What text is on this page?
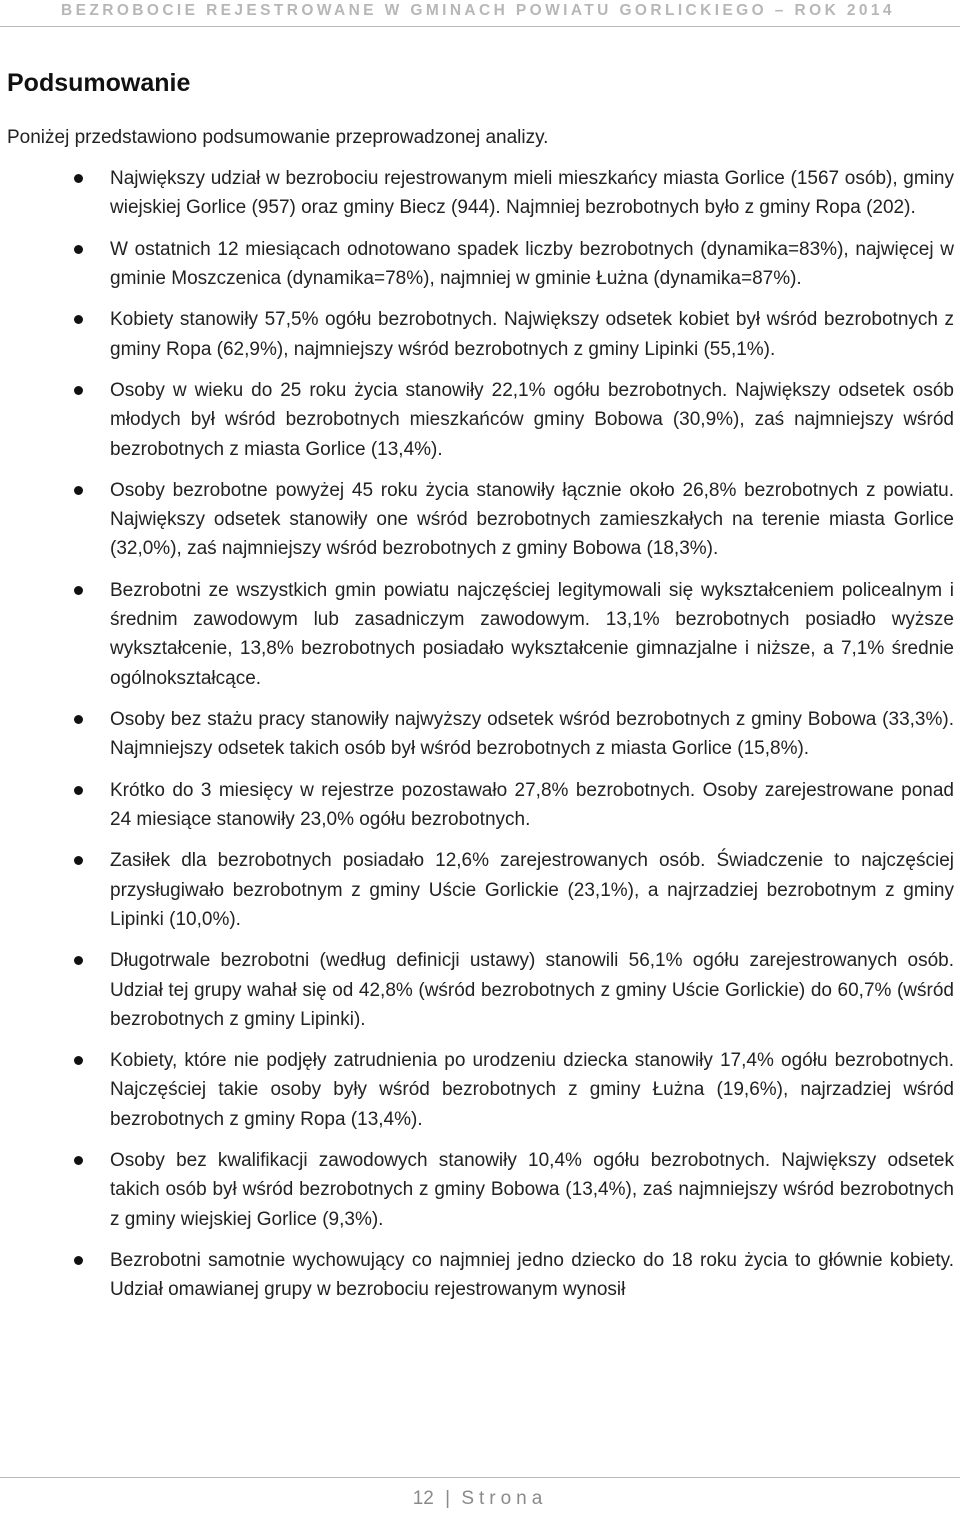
BEZROBOCIE REJESTROWANE W GMINACH POWIATU GORLICKIEGO – ROK 2014
Podsumowanie

Poniżej przedstawiono podsumowanie przeprowadzonej analizy.

Największy udział w bezrobociu rejestrowanym mieli mieszkańcy miasta Gorlice (1567 osób), gminy wiejskiej Gorlice (957) oraz gminy Biecz (944). Najmniej bezrobotnych było z gminy Ropa (202).
W ostatnich 12 miesiącach odnotowano spadek liczby bezrobotnych (dynamika=83%), najwięcej w gminie Moszczenica (dynamika=78%), najmniej w gminie Łużna (dynamika=87%).
Kobiety stanowiły 57,5% ogółu bezrobotnych. Największy odsetek kobiet był wśród bezrobotnych z gminy Ropa (62,9%), najmniejszy wśród bezrobotnych z gminy Lipinki (55,1%).
Osoby w wieku do 25 roku życia stanowiły 22,1% ogółu bezrobotnych. Największy odsetek osób młodych był wśród bezrobotnych mieszkańców gminy Bobowa (30,9%), zaś najmniejszy wśród bezrobotnych z miasta Gorlice (13,4%).
Osoby bezrobotne powyżej 45 roku życia stanowiły łącznie około 26,8% bezrobotnych z powiatu. Największy odsetek stanowiły one wśród bezrobotnych zamieszkałych na terenie miasta Gorlice (32,0%), zaś najmniejszy wśród bezrobotnych z gminy Bobowa (18,3%).
Bezrobotni ze wszystkich gmin powiatu najczęściej legitymowali się wykształceniem policealnym i średnim zawodowym lub zasadniczym zawodowym. 13,1% bezrobotnych posiadło wyższe wykształcenie, 13,8% bezrobotnych posiadało wykształcenie gimnazjalne i niższe, a 7,1% średnie ogólnokształcące.
Osoby bez stażu pracy stanowiły najwyższy odsetek wśród bezrobotnych z gminy Bobowa (33,3%). Najmniejszy odsetek takich osób był wśród bezrobotnych z miasta Gorlice (15,8%).
Krótko do 3 miesięcy w rejestrze pozostawało 27,8% bezrobotnych. Osoby zarejestrowane ponad 24 miesiące stanowiły 23,0% ogółu bezrobotnych.
Zasiłek dla bezrobotnych posiadało 12,6% zarejestrowanych osób. Świadczenie to najczęściej przysługiwało bezrobotnym z gminy Uście Gorlickie (23,1%), a najrzadziej bezrobotnym z gminy Lipinki (10,0%).
Długotrwale bezrobotni (według definicji ustawy) stanowili 56,1% ogółu zarejestrowanych osób. Udział tej grupy wahał się od 42,8% (wśród bezrobotnych z gminy Uście Gorlickie) do 60,7% (wśród bezrobotnych z gminy Lipinki).
Kobiety, które nie podjęły zatrudnienia po urodzeniu dziecka stanowiły 17,4% ogółu bezrobotnych. Najczęściej takie osoby były wśród bezrobotnych z gminy Łużna (19,6%), najrzadziej wśród bezrobotnych z gminy Ropa (13,4%).
Osoby bez kwalifikacji zawodowych stanowiły 10,4% ogółu bezrobotnych. Największy odsetek takich osób był wśród bezrobotnych z gminy Bobowa (13,4%), zaś najmniejszy wśród bezrobotnych z gminy wiejskiej Gorlice (9,3%).
Bezrobotni samotnie wychowujący co najmniej jedno dziecko do 18 roku życia to głównie kobiety. Udział omawianej grupy w bezrobociu rejestrowanym wynosił
12 | Strona
